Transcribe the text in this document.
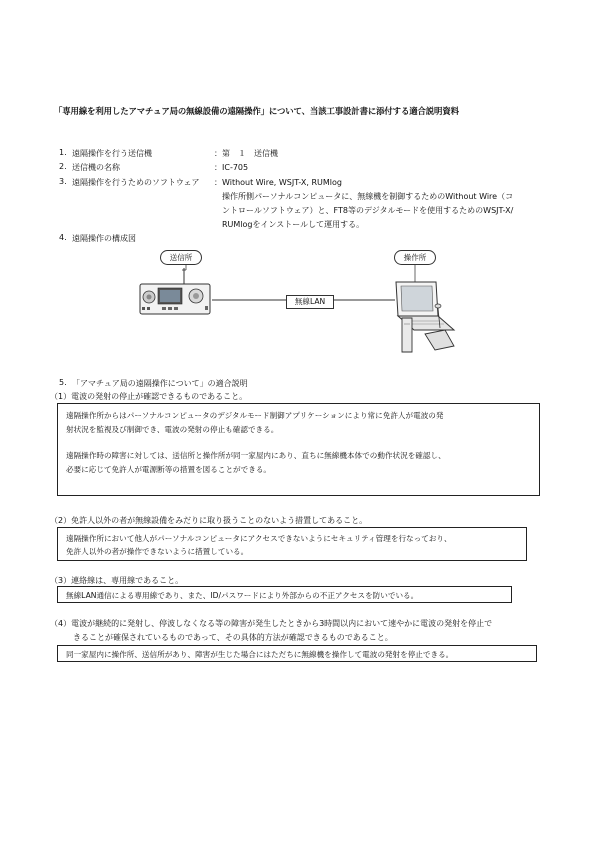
「専用線を利用したアマチュア局の無線設備の遠隔操作」について、当該工事設計書に添付する適合説明資料
1. 遠隔操作を行う送信機	：第　１　送信機
2. 送信機の名称	：IC-705
3. 遠隔操作を行うためのソフトウェア ：Without Wire, WSJT-X, RUMlog
操作所側パーソナルコンピュータに、無線機を制御するためのWithout Wire（コ
ントロールソフトウェア）と、FT8等のデジタルモードを使用するためのWSJT-X/
RUMlogをインストールして運用する。
4. 遠隔操作の構成図
送信所	操作所
無線LAN
5. 「アマチュア局の遠隔操作について」の適合説明
（1）電波の発射の停止が確認できるものであること。
遠隔操作所からはパーソナルコンピュータのデジタルモード制御アプリケーションにより常に免許人が電波の発
射状況を監視及び制御でき、電波の発射の停止も確認できる。
遠隔操作時の障害に対しては、送信所と操作所が同一家屋内にあり、直ちに無線機本体での動作状況を確認し、
必要に応じて免許人が電源断等の措置を図ることができる。
（2）免許人以外の者が無線設備をみだりに取り扱うことのないよう措置してあること。
遠隔操作所において他人がパーソナルコンピュータにアクセスできないようにセキュリティ管理を行なっており、
免許人以外の者が操作できないように措置している。
（3）連絡線は、専用線であること。
無線LAN通信による専用線であり、また、ID/パスワードにより外部からの不正アクセスを防いでいる。
（4）電波が継続的に発射し、停波しなくなる等の障害が発生したときから3時間以内において速やかに電波の発射を停止で
きることが確保されているものであって、その具体的方法が確認できるものであること。
同一家屋内に操作所、送信所があり、障害が生じた場合にはただちに無線機を操作して電波の発射を停止できる。
